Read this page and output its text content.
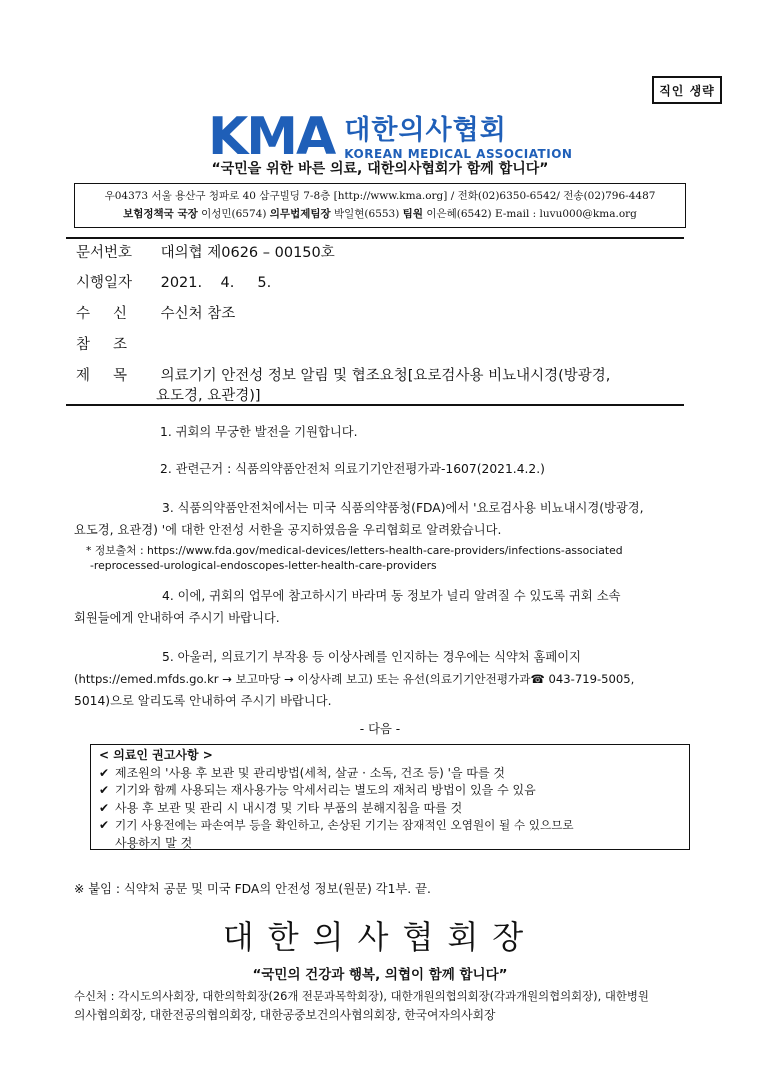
직인 생략
KMA 대한의사협회
KOREAN MEDICAL ASSOCIATION
“국민을 위한 바른 의료, 대한의사협회가 함께 합니다”
우04373 서울 용산구 청파로 40 삼구빌딩 7-8층 [http://www.kma.org] / 전화(02)6350-6542/ 전송(02)796-4487
보험정책국 국장 이성민(6574) 의무법제팀장 박일현(6553) 팀원 이은혜(6542) E-mail : luvu000@kma.org
문서번호 대의협 제0626 – 00150호
시행일자 2021.    4.     5.
수     신 수신처 참조
참     조
제     목 의료기기 안전성 정보 알림 및 협조요청[요로검사용 비뇨내시경(방광경,
요도경, 요관경)]
1. 귀회의 무궁한 발전을 기원합니다.
2. 관련근거 : 식품의약품안전처 의료기기안전평가과-1607(2021.4.2.)
3. 식품의약품안전처에서는 미국 식품의약품청(FDA)에서 '요로검사용 비뇨내시경(방광경,
요도경, 요관경) '에 대한 안전성 서한을 공지하였음을 우리협회로 알려왔습니다.
* 정보출처 : https://www.fda.gov/medical-devices/letters-health-care-providers/infections-associated
-reprocessed-urological-endoscopes-letter-health-care-providers
4. 이에, 귀회의 업무에 참고하시기 바라며 동 정보가 널리 알려질 수 있도록 귀회 소속
회원들에게 안내하여 주시기 바랍니다.
5. 아울러, 의료기기 부작용 등 이상사례를 인지하는 경우에는 식약처 홈페이지
(https://emed.mfds.go.kr → 보고마당 → 이상사례 보고) 또는 유선(의료기기안전평가과☎ 043-719-5005,
5014)으로 알리도록 안내하여 주시기 바랍니다.
- 다음 -
< 의료인 권고사항 >
✔ 제조원의 '사용 후 보관 및 관리방법(세척, 살균 · 소독, 건조 등) '을 따를 것
✔ 기기와 함께 사용되는 재사용가능 악세서리는 별도의 재처리 방법이 있을 수 있음
✔ 사용 후 보관 및 관리 시 내시경 및 기타 부품의 분해지침을 따를 것
✔ 기기 사용전에는 파손여부 등을 확인하고, 손상된 기기는 잠재적인 오염원이 될 수 있으므로
사용하지 말 것
※ 붙임 : 식약처 공문 및 미국 FDA의 안전성 정보(원문) 각1부. 끝.
대한의사협회장
“국민의 건강과 행복, 의협이 함께 합니다”
수신처 : 각시도의사회장, 대한의학회장(26개 전문과목학회장), 대한개원의협의회장(각과개원의협의회장), 대한병원
의사협의회장, 대한전공의협의회장, 대한공중보건의사협의회장, 한국여자의사회장
